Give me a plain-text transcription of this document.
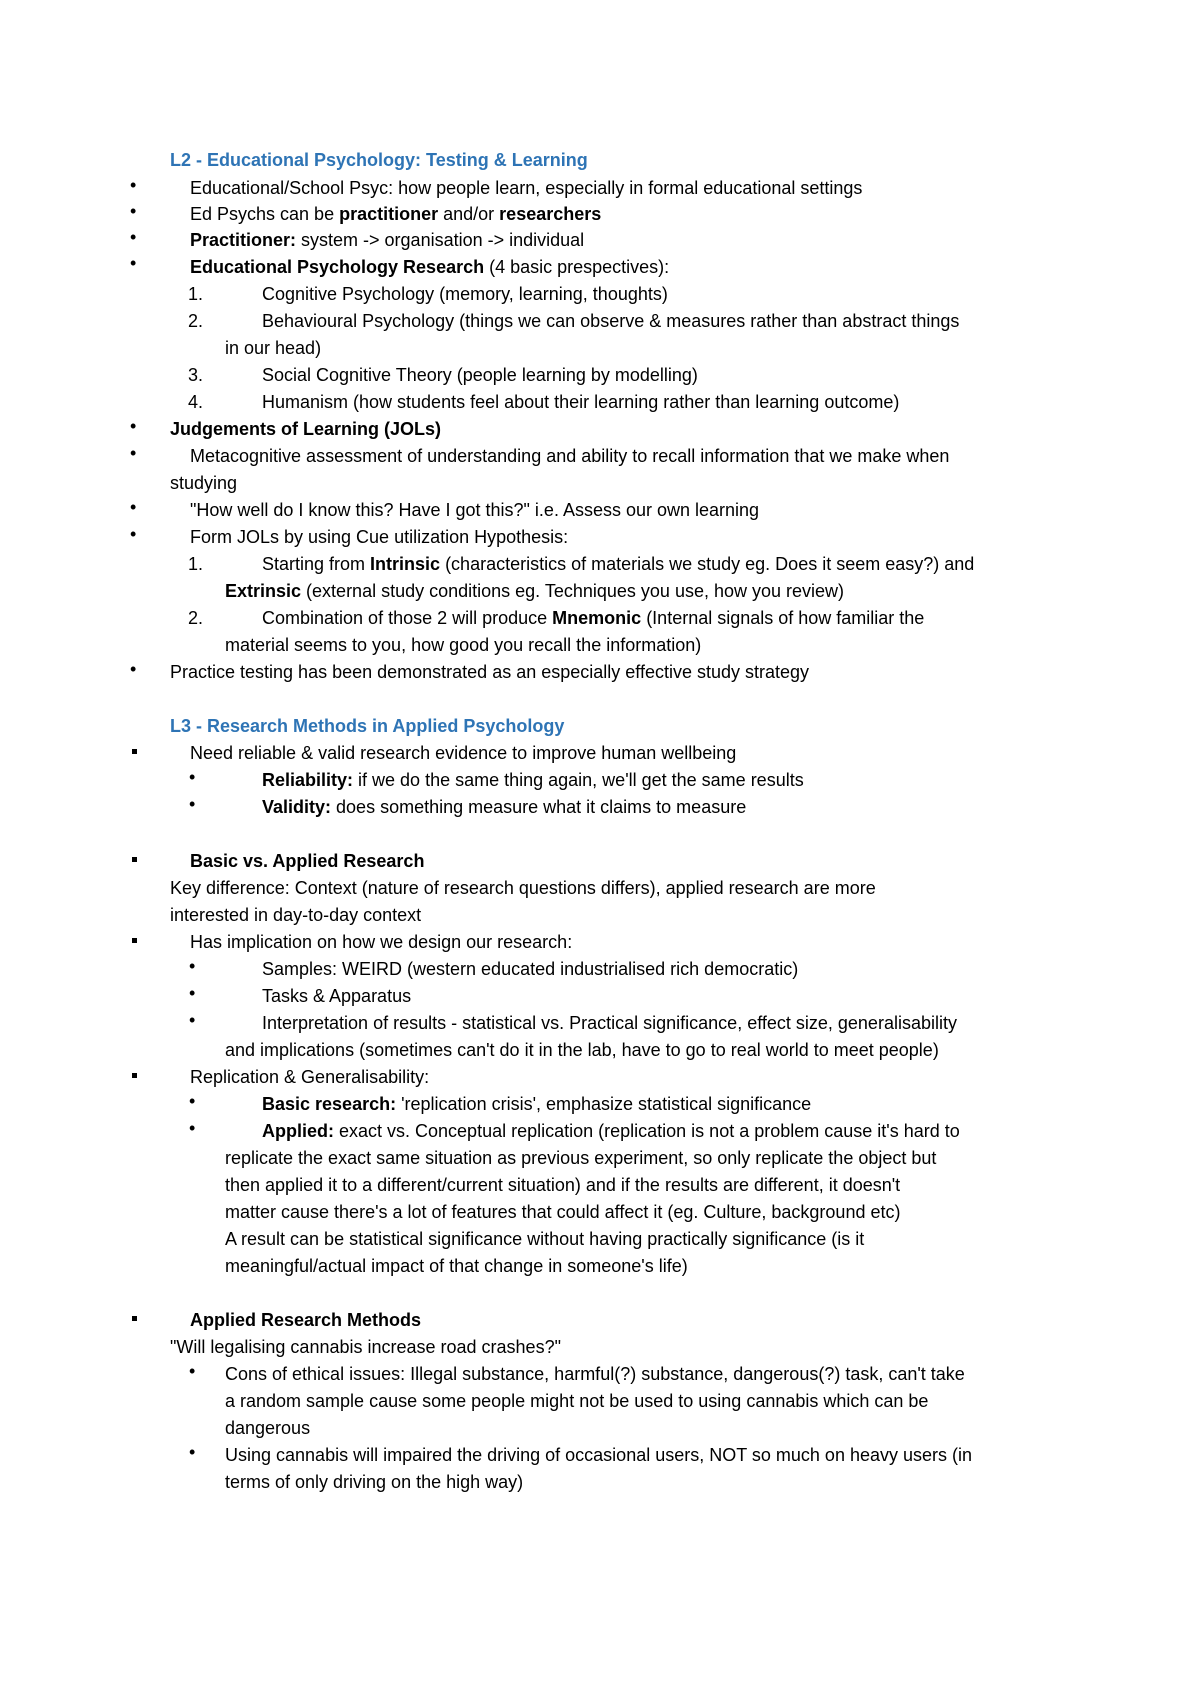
L2 - Educational Psychology: Testing & Learning
•	Educational/School Psyc: how people learn, especially in formal educational settings
•	Ed Psychs can be practitioner and/or researchers
•	Practitioner: system -> organisation -> individual
•	Educational Psychology Research (4 basic prespectives):
1.	Cognitive Psychology (memory, learning, thoughts)
2.	Behavioural Psychology (things we can observe & measures rather than abstract things
in our head)
3.	Social Cognitive Theory (people learning by modelling)
4.	Humanism (how students feel about their learning rather than learning outcome)
• Judgements of Learning (JOLs)
•	Metacognitive assessment of understanding and ability to recall information that we make when
studying
•	"How well do I know this? Have I got this?" i.e. Assess our own learning
•	Form JOLs by using Cue utilization Hypothesis:
1.	Starting from Intrinsic (characteristics of materials we study eg. Does it seem easy?) and
Extrinsic (external study conditions eg. Techniques you use, how you review)
2.	Combination of those 2 will produce Mnemonic (Internal signals of how familiar the
material seems to you, how good you recall the information)
• Practice testing has been demonstrated as an especially effective study strategy
L3 - Research Methods in Applied Psychology
Need reliable & valid research evidence to improve human wellbeing
•	Reliability: if we do the same thing again, we'll get the same results
•	Validity: does something measure what it claims to measure
Basic vs. Applied Research
Key difference: Context (nature of research questions differs), applied research are more
interested in day-to-day context
Has implication on how we design our research:
•	Samples: WEIRD (western educated industrialised rich democratic)
•	Tasks & Apparatus
•	Interpretation of results - statistical vs. Practical significance, effect size, generalisability
and implications (sometimes can't do it in the lab, have to go to real world to meet people)
Replication & Generalisability:
•	Basic research: 'replication crisis', emphasize statistical significance
•	Applied: exact vs. Conceptual replication (replication is not a problem cause it's hard to
replicate the exact same situation as previous experiment, so only replicate the object but
then applied it to a different/current situation) and if the results are different, it doesn't
matter cause there's a lot of features that could affect it (eg. Culture, background etc)
A result can be statistical significance without having practically significance (is it
meaningful/actual impact of that change in someone's life)
Applied Research Methods
"Will legalising cannabis increase road crashes?"
• Cons of ethical issues: Illegal substance, harmful(?) substance, dangerous(?) task, can't take
a random sample cause some people might not be used to using cannabis which can be
dangerous
• Using cannabis will impaired the driving of occasional users, NOT so much on heavy users (in
terms of only driving on the high way)
